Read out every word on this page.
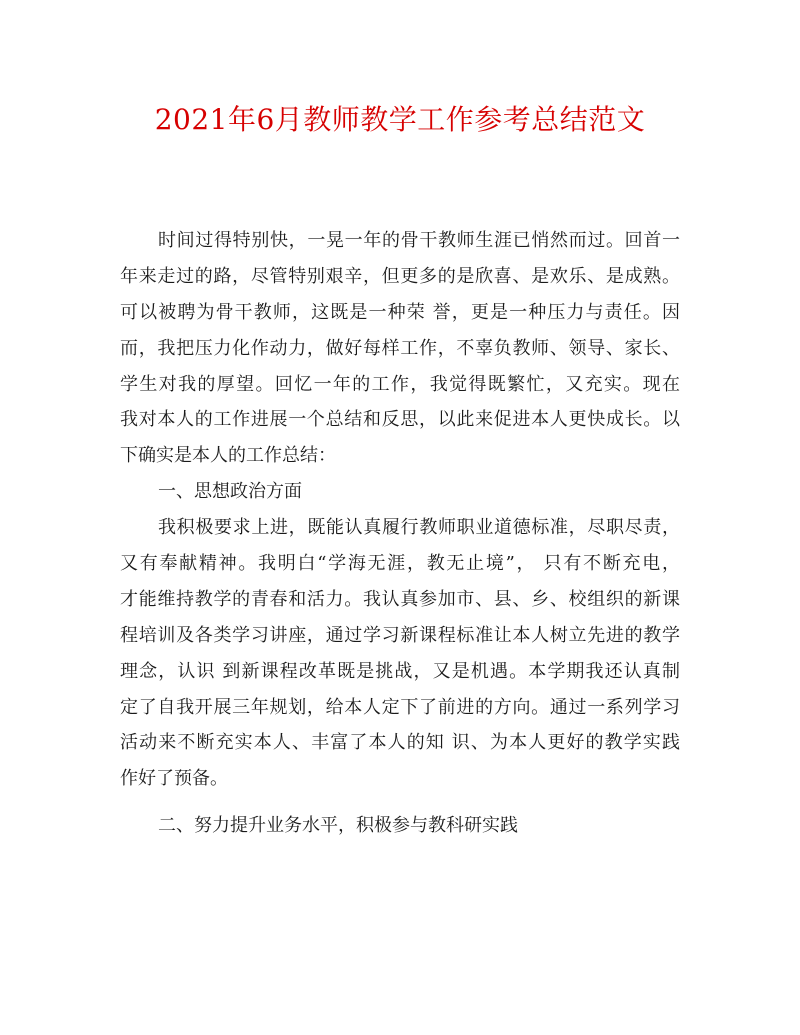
2021年6月教师教学工作参考总结范文
时间过得特别快，一晃一年的骨干教师生涯已悄然而过。回首一
年来走过的路，尽管特别艰辛，但更多的是欣喜、是欢乐、是成熟。
可以被聘为骨干教师，这既是一种荣 誉，更是一种压力与责任。因
而，我把压力化作动力，做好每样工作，不辜负教师、领导、家长、
学生对我的厚望。回忆一年的工作，我觉得既繁忙，又充实。现在
我对本人的工作进展一个总结和反思，以此来促进本人更快成长。以
下确实是本人的工作总结：
一、思想政治方面
我积极要求上进，既能认真履行教师职业道德标准，尽职尽责，
又有奉献精神。我明白“学海无涯，教无止境”， 只有不断充电，
才能维持教学的青春和活力。我认真参加市、县、乡、校组织的新课
程培训及各类学习讲座，通过学习新课程标准让本人树立先进的教学
理念，认识 到新课程改革既是挑战，又是机遇。本学期我还认真制
定了自我开展三年规划，给本人定下了前进的方向。通过一系列学习
活动来不断充实本人、丰富了本人的知 识、为本人更好的教学实践
作好了预备。
二、努力提升业务水平，积极参与教科研实践
